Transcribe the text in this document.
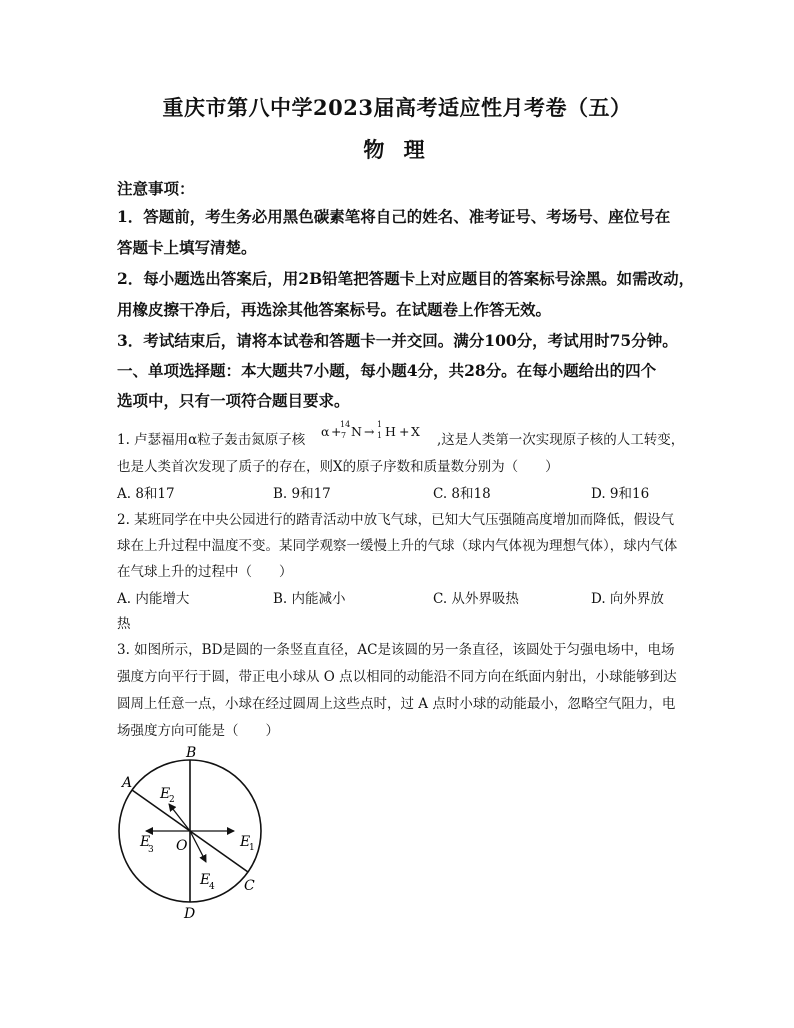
重庆市第八中学2023届高考适应性月考卷（五）
物 理
注意事项：
1．答题前，考生务必用黑色碳素笔将自己的姓名、准考证号、考场号、座位号在
答题卡上填写清楚。
2．每小题选出答案后，用2B铅笔把答题卡上对应题目的答案标号涂黑。如需改动，
用橡皮擦干净后，再选涂其他答案标号。在试题卷上作答无效。
3．考试结束后，请将本试卷和答题卡一并交回。满分100分，考试用时75分钟。
一、单项选择题：本大题共7小题，每小题4分，共28分。在每小题给出的四个
选项中，只有一项符合题目要求。
1. 卢瑟福用α粒子轰击氮原子核
α +
14
7 N → 1
1 H + X
,这是人类第一次实现原子核的人工转变，
也是人类首次发现了质子的存在，则X的原子序数和质量数分别为（　　）
A. 8和17	B. 9和17	C. 8和18	D. 9和16
2. 某班同学在中央公园进行的踏青活动中放飞气球，已知大气压强随高度增加而降低，假设气
球在上升过程中温度不变。某同学观察一缓慢上升的气球（球内气体视为理想气体），球内气体
在气球上升的过程中（　　）
A. 内能增大	B. 内能减小	C. 从外界吸热	D. 向外界放
热
3. 如图所示，BD是圆的一条竖直直径，AC是该圆的另一条直径，该圆处于匀强电场中，电场
强度方向平行于圆，带正电小球从 O 点以相同的动能沿不同方向在纸面内射出，小球能够到达
圆周上任意一点，小球在经过圆周上这些点时，过 A 点时小球的动能最小，忽略空气阻力，电
场强度方向可能是（　　）
B
A
C
D
O	E
1
E
2
E
3
E
4
